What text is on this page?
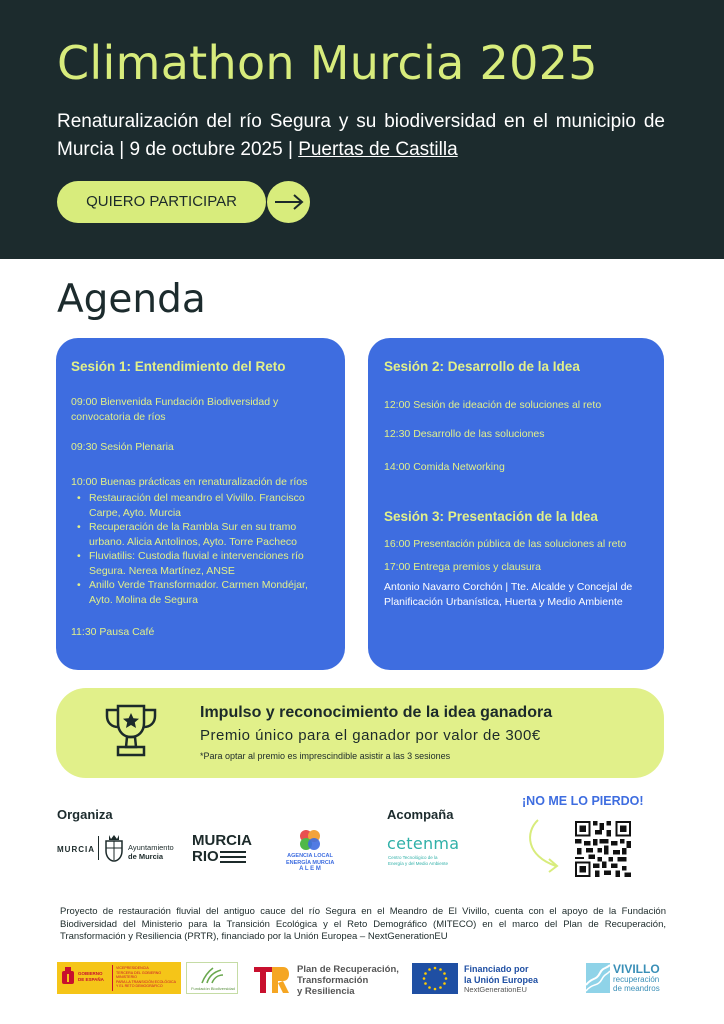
Climathon Murcia 2025
Renaturalización del río Segura y su biodiversidad en el municipio de Murcia | 9 de octubre 2025 | Puertas de Castilla
QUIERO PARTICIPAR
Agenda
Sesión 1: Entendimiento del Reto
09:00 Bienvenida Fundación Biodiversidad y convocatoria de ríos
09:30 Sesión Plenaria
10:00 Buenas prácticas en renaturalización de ríos
• Restauración del meandro el Vivillo. Francisco Carpe, Ayto. Murcia
• Recuperación de la Rambla Sur en su tramo urbano. Alicia Antolinos, Ayto. Torre Pacheco
• Fluviatilis: Custodia fluvial e intervenciones río Segura. Nerea Martínez, ANSE
• Anillo Verde Transformador. Carmen Mondéjar, Ayto. Molina de Segura
11:30 Pausa Café
Sesión 2: Desarrollo de la Idea
12:00 Sesión de ideación de soluciones al reto
12:30 Desarrollo de las soluciones
14:00 Comida Networking
Sesión 3: Presentación de la Idea
16:00 Presentación pública de las soluciones al reto
17:00 Entrega premios y clausura
Antonio Navarro Corchón | Tte. Alcalde y Concejal de Planificación Urbanística, Huerta y Medio Ambiente
Impulso y reconocimiento de la idea ganadora
Premio único para el ganador por valor de 300€
*Para optar al premio es imprescindible asistir a las 3 sesiones
Organiza	Acompaña
¡NO ME LO PIERDO!
MURCIA	Ayuntamiento
de Murcia
MURCIA
RIO	AGENCIA LOCAL
ENERGÍA MURCIA
A L E M
cetenma
Centro Tecnológico de la Energía y del Medio Ambiente
Proyecto de restauración fluvial del antiguo cauce del río Segura en el Meandro de El Vivillo, cuenta con el apoyo de la Fundación Biodiversidad del Ministerio para la Transición Ecológica y el Reto Demográfico (MITECO) en el marco del Plan de Recuperación, Transformación y Resiliencia (PRTR), financiado por la Unión Europea – NextGenerationEU
GOBIERNO
DE ESPAÑA
VICEPRESIDENCIA
TERCERA DEL GOBIERNO
MINISTERIO
PARA LA TRANSICIÓN ECOLÓGICA
Y EL RETO DEMOGRÁFICO	Fundación Biodiversidad
Plan de Recuperación,
Transformación
y Resiliencia
Financiado por
la Unión Europea
NextGenerationEU
VIVILLO
recuperación
de meandros
